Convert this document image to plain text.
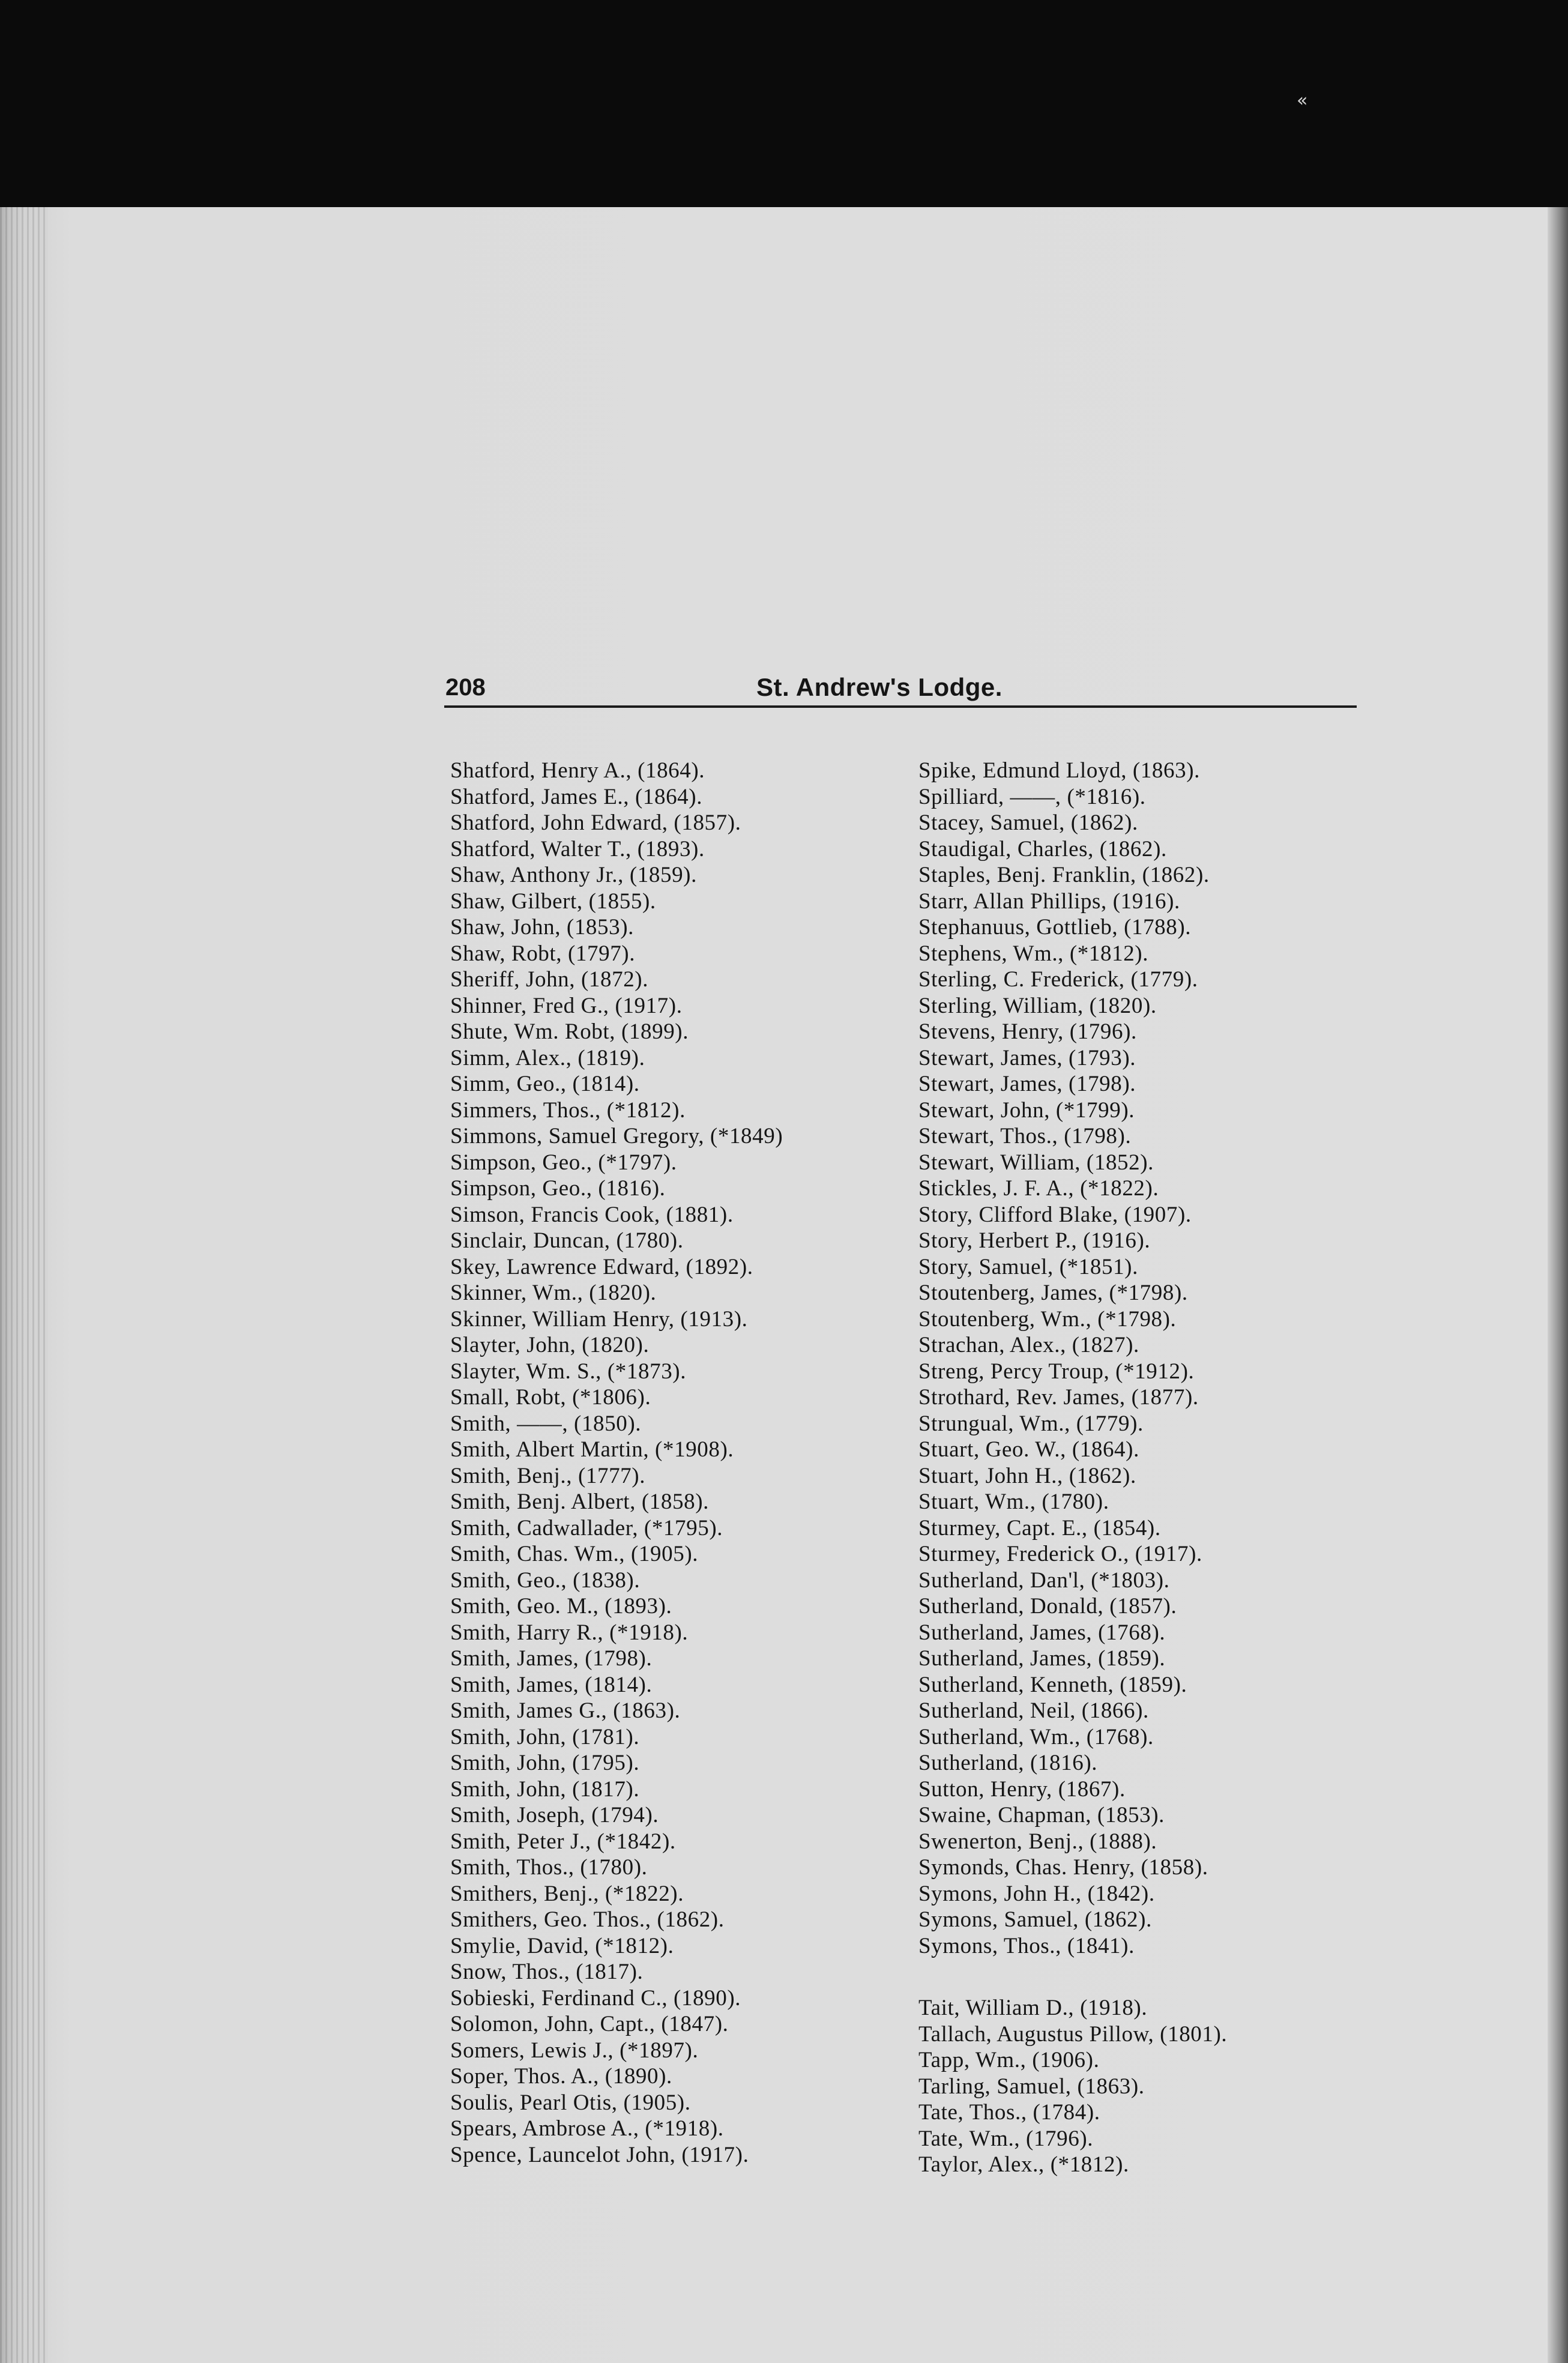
«
208	St. Andrew's Lodge.
Shatford, Henry A., (1864).
Shatford, James E., (1864).
Shatford, John Edward, (1857).
Shatford, Walter T., (1893).
Shaw, Anthony Jr., (1859).
Shaw, Gilbert, (1855).
Shaw, John, (1853).
Shaw, Robt, (1797).
Sheriff, John, (1872).
Shinner, Fred G., (1917).
Shute, Wm. Robt, (1899).
Simm, Alex., (1819).
Simm, Geo., (1814).
Simmers, Thos., (*1812).
Simmons, Samuel Gregory, (*1849)
Simpson, Geo., (*1797).
Simpson, Geo., (1816).
Simson, Francis Cook, (1881).
Sinclair, Duncan, (1780).
Skey, Lawrence Edward, (1892).
Skinner, Wm., (1820).
Skinner, William Henry, (1913).
Slayter, John, (1820).
Slayter, Wm. S., (*1873).
Small, Robt, (*1806).
Smith, ——, (1850).
Smith, Albert Martin, (*1908).
Smith, Benj., (1777).
Smith, Benj. Albert, (1858).
Smith, Cadwallader, (*1795).
Smith, Chas. Wm., (1905).
Smith, Geo., (1838).
Smith, Geo. M., (1893).
Smith, Harry R., (*1918).
Smith, James, (1798).
Smith, James, (1814).
Smith, James G., (1863).
Smith, John, (1781).
Smith, John, (1795).
Smith, John, (1817).
Smith, Joseph, (1794).
Smith, Peter J., (*1842).
Smith, Thos., (1780).
Smithers, Benj., (*1822).
Smithers, Geo. Thos., (1862).
Smylie, David, (*1812).
Snow, Thos., (1817).
Sobieski, Ferdinand C., (1890).
Solomon, John, Capt., (1847).
Somers, Lewis J., (*1897).
Soper, Thos. A., (1890).
Soulis, Pearl Otis, (1905).
Spears, Ambrose A., (*1918).
Spence, Launcelot John, (1917).
Spike, Edmund Lloyd, (1863).
Spilliard, ——, (*1816).
Stacey, Samuel, (1862).
Staudigal, Charles, (1862).
Staples, Benj. Franklin, (1862).
Starr, Allan Phillips, (1916).
Stephanuus, Gottlieb, (1788).
Stephens, Wm., (*1812).
Sterling, C. Frederick, (1779).
Sterling, William, (1820).
Stevens, Henry, (1796).
Stewart, James, (1793).
Stewart, James, (1798).
Stewart, John, (*1799).
Stewart, Thos., (1798).
Stewart, William, (1852).
Stickles, J. F. A., (*1822).
Story, Clifford Blake, (1907).
Story, Herbert P., (1916).
Story, Samuel, (*1851).
Stoutenberg, James, (*1798).
Stoutenberg, Wm., (*1798).
Strachan, Alex., (1827).
Streng, Percy Troup, (*1912).
Strothard, Rev. James, (1877).
Strungual, Wm., (1779).
Stuart, Geo. W., (1864).
Stuart, John H., (1862).
Stuart, Wm., (1780).
Sturmey, Capt. E., (1854).
Sturmey, Frederick O., (1917).
Sutherland, Dan'l, (*1803).
Sutherland, Donald, (1857).
Sutherland, James, (1768).
Sutherland, James, (1859).
Sutherland, Kenneth, (1859).
Sutherland, Neil, (1866).
Sutherland, Wm., (1768).
Sutherland, (1816).
Sutton, Henry, (1867).
Swaine, Chapman, (1853).
Swenerton, Benj., (1888).
Symonds, Chas. Henry, (1858).
Symons, John H., (1842).
Symons, Samuel, (1862).
Symons, Thos., (1841).
Tait, William D., (1918).
Tallach, Augustus Pillow, (1801).
Tapp, Wm., (1906).
Tarling, Samuel, (1863).
Tate, Thos., (1784).
Tate, Wm., (1796).
Taylor, Alex., (*1812).
